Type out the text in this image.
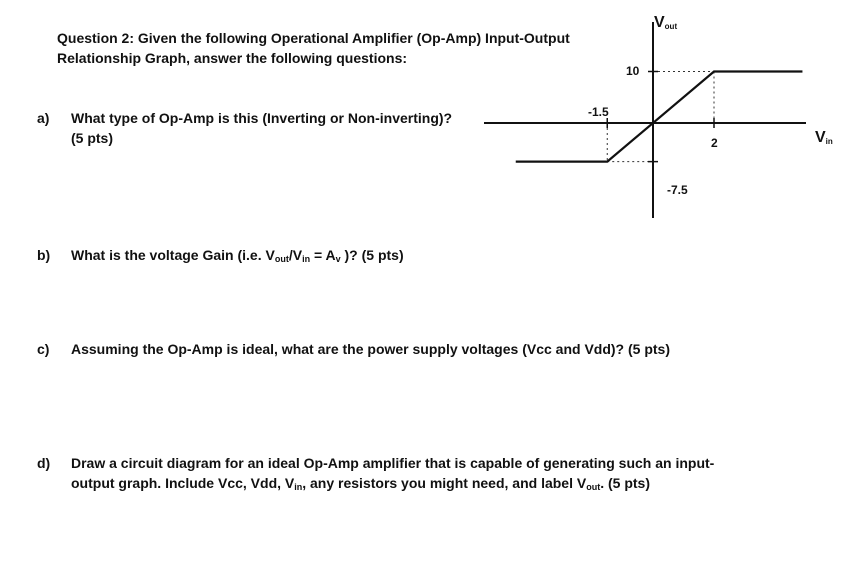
Question 2: Given the following Operational Amplifier (Op-Amp) Input-Output
Relationship Graph, answer the following questions:
a) What type of Op-Amp is this (Inverting or Non-inverting)?
(5 pts)
b) What is the voltage Gain (i.e. $V_{out}/V_{in} = A_v$ )? (5 pts)
c) Assuming the Op-Amp is ideal, what are the power supply voltages (Vcc and Vdd)? (5 pts)
d) Draw a circuit diagram for an ideal Op-Amp amplifier that is capable of generating such an input-
output graph. Include Vcc, Vdd, $V_{in}$, any resistors you might need, and label $V_{out}$. (5 pts)
$V_{out}$
$V_{in}$
10
-7.5
-1.5
2
